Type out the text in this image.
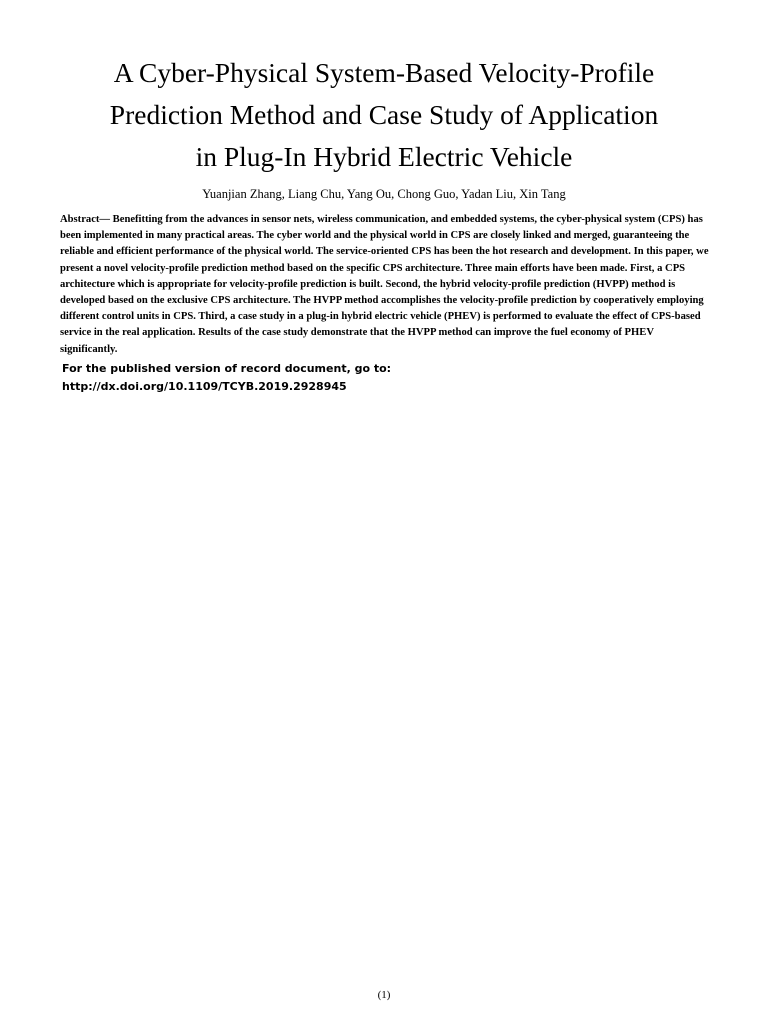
A Cyber-Physical System-Based Velocity-Profile
Prediction Method and Case Study of Application
in Plug-In Hybrid Electric Vehicle
Yuanjian Zhang, Liang Chu, Yang Ou, Chong Guo, Yadan Liu, Xin Tang

Abstract— Benefitting from the advances in sensor nets, wireless communication, and embedded systems, the cyber-physical system (CPS) has been implemented in many practical areas. The cyber world and the physical world in CPS are closely linked and merged, guaranteeing the reliable and efficient performance of the physical world. The service-oriented CPS has been the hot research and development. In this paper, we present a novel velocity-profile prediction method based on the specific CPS architecture. Three main efforts have been made. First, a CPS architecture which is appropriate for velocity-profile prediction is built. Second, the hybrid velocity-profile prediction (HVPP) method is developed based on the exclusive CPS architecture. The HVPP method accomplishes the velocity-profile prediction by cooperatively employing different control units in CPS. Third, a case study in a plug-in hybrid electric vehicle (PHEV) is performed to evaluate the effect of CPS-based service in the real application. Results of the case study demonstrate that the HVPP method can improve the fuel economy of PHEV significantly.

For the published version of record document, go to:
http://dx.doi.org/10.1109/TCYB.2019.2928945
(1)
